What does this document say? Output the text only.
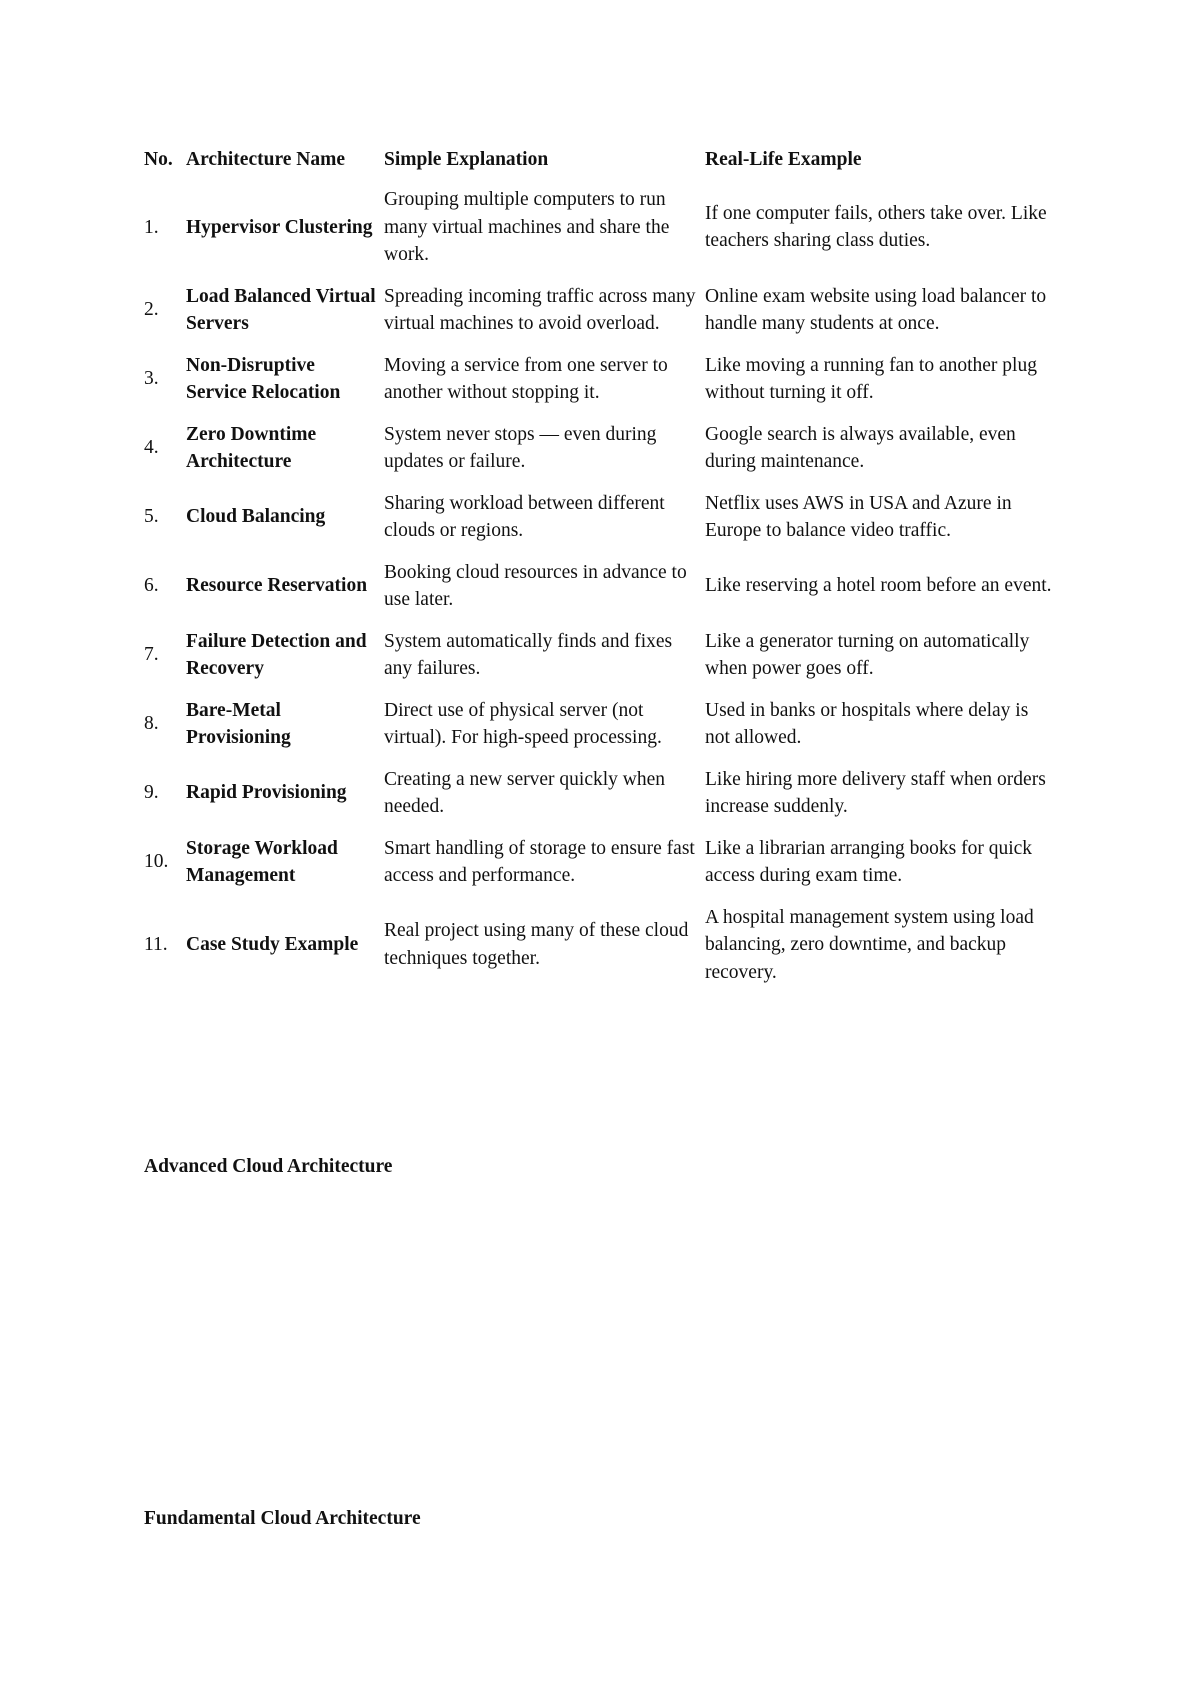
No.	Architecture Name	Simple Explanation	Real-Life Example
1.	Hypervisor Clustering	Grouping multiple computers to run many virtual machines and share the work.	If one computer fails, others take over. Like teachers sharing class duties.
2.	Load Balanced Virtual Servers	Spreading incoming traffic across many virtual machines to avoid overload.	Online exam website using load balancer to handle many students at once.
3.	Non-Disruptive Service Relocation	Moving a service from one server to another without stopping it.	Like moving a running fan to another plug without turning it off.
4.	Zero Downtime Architecture	System never stops — even during updates or failure.	Google search is always available, even during maintenance.
5.	Cloud Balancing	Sharing workload between different clouds or regions.	Netflix uses AWS in USA and Azure in Europe to balance video traffic.
6.	Resource Reservation	Booking cloud resources in advance to use later.	Like reserving a hotel room before an event.
7.	Failure Detection and Recovery	System automatically finds and fixes any failures.	Like a generator turning on automatically when power goes off.
8.	Bare-Metal Provisioning	Direct use of physical server (not virtual). For high-speed processing.	Used in banks or hospitals where delay is not allowed.
9.	Rapid Provisioning	Creating a new server quickly when needed.	Like hiring more delivery staff when orders increase suddenly.
10.	Storage Workload Management	Smart handling of storage to ensure fast access and performance.	Like a librarian arranging books for quick access during exam time.
11.	Case Study Example	Real project using many of these cloud techniques together.	A hospital management system using load balancing, zero downtime, and backup recovery.
Advanced Cloud Architecture
Fundamental Cloud Architecture
